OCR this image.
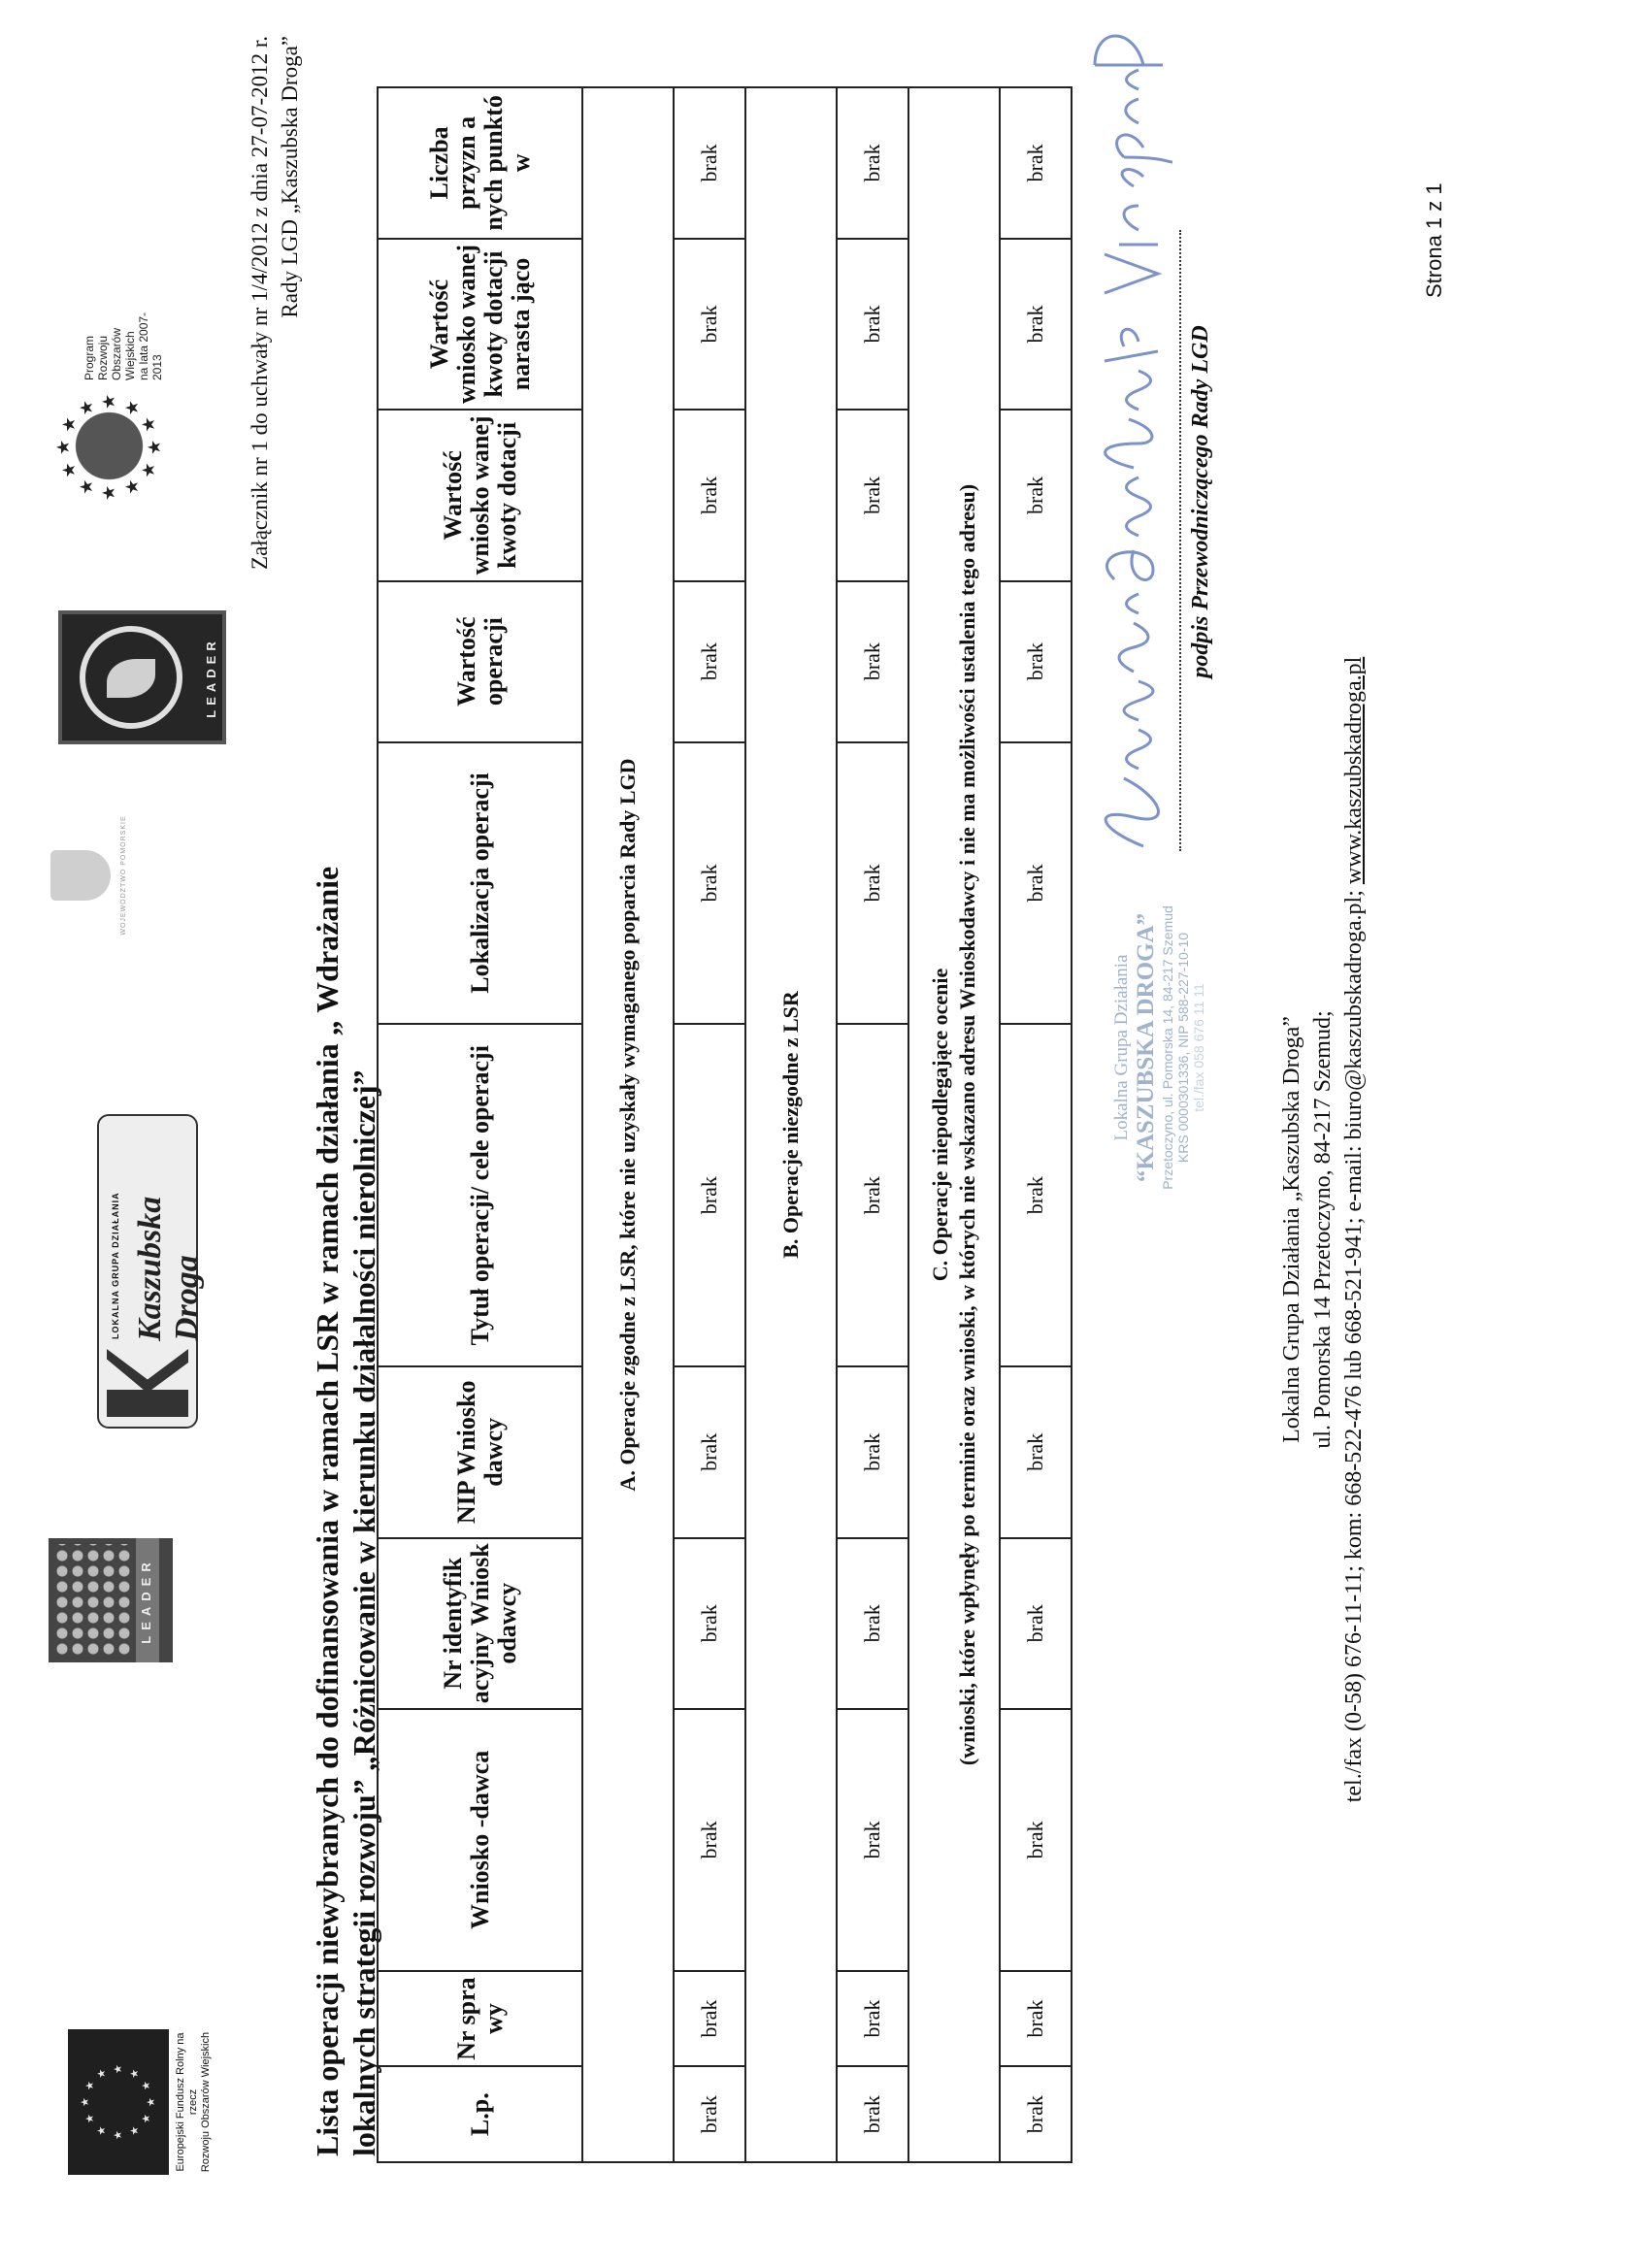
★ ★
★
★
★
★
★
★
★
★
★
★	Europejski Fundusz Rolny na rzecz Rozwoju Obszarów Wiejskich
LEADER
LOKALNA GRUPA DZIAŁANIA Kaszubska Droga
WOJEWÓDZTWO POMORSKIE
LEADER
★ ★
★
★
★
★
★
★
★
★
★
★
Program Rozwoju Obszarów Wiejskich na lata 2007-2013	Załącznik nr 1 do uchwały nr 1/4/2012 z dnia 27-07-2012 r. Rady LGD „Kaszubska Droga”
Lista operacji niewybranych do dofinansowania w ramach LSR w ramach działania „ Wdrażanie lokalnych strategii rozwoju” „Różnicowanie w kierunku działalności nierolniczej”
L.p.	Nr spra wy	Wniosko -dawca	Nr identyfik acyjny Wniosk odawcy	NIP Wniosko dawcy	Tytuł operacji/ cele operacji	Lokalizacja operacji	Wartość operacji	Wartość wniosko wanej kwoty dotacji	Wartość wniosko wanej kwoty dotacji narasta jąco	Liczba przyzn a nych punktó w

A. Operacje zgodne z LSR, które nie uzyskały wymaganego poparcia Rady LGD										

brak	brak	brak	brak	brak	brak	brak	brak	brak	brak	brak

B. Operacje niezgodne z LSR										

brak	brak	brak	brak	brak	brak	brak	brak	brak	brak	brak

C. Operacje niepodlegające ocenie (wnioski, które wpłynęły po terminie oraz wnioski, w których nie wskazano adresu Wnioskodawcy i nie ma możliwości ustalenia tego adresu)										

brak	brak	brak	brak	brak	brak	brak	brak	brak	brak	brak
Lokalna Grupa Działania “KASZUBSKA DROGA” Przetoczyno, ul. Pomorska 14, 84-217 Szemud KRS 0000301336, NIP 588-227-10-10 tel./fax 058 676 11 11
podpis Przewodniczącego Rady LGD
Lokalna Grupa Działania „Kaszubska Droga” ul. Pomorska 14 Przetoczyno, 84-217 Szemud; tel./fax (0-58) 676-11-11; kom: 668-522-476 lub 668-521-941; e-mail: biuro@kaszubskadroga.pl; www.kaszubskadroga.pl
Strona 1 z 1
